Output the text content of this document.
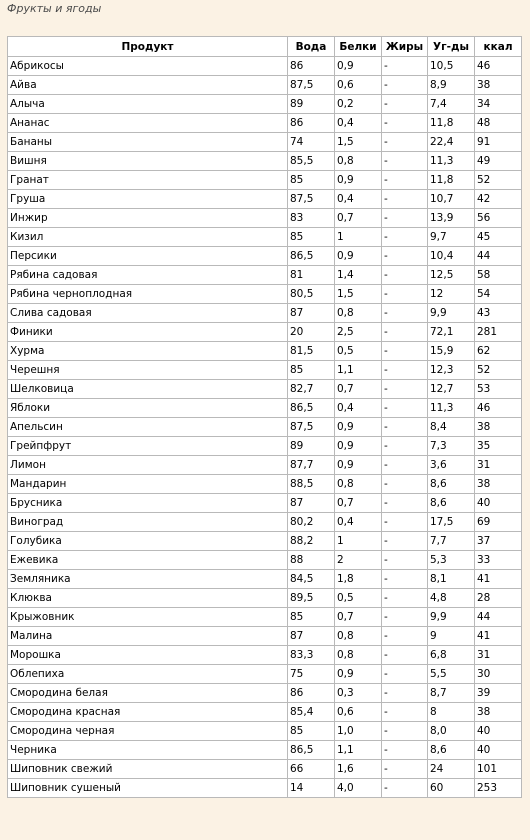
Фрукты и ягоды
Продукт	Вода	Белки	Жиры	Уг-ды	ккал
Абрикосы	86	0,9	-	10,5	46
Айва	87,5	0,6	-	8,9	38
Алыча	89	0,2	-	7,4	34
Ананас	86	0,4	-	11,8	48
Бананы	74	1,5	-	22,4	91
Вишня	85,5	0,8	-	11,3	49
Гранат	85	0,9	-	11,8	52
Груша	87,5	0,4	-	10,7	42
Инжир	83	0,7	-	13,9	56
Кизил	85	1	-	9,7	45
Персики	86,5	0,9	-	10,4	44
Рябина садовая	81	1,4	-	12,5	58
Рябина черноплодная	80,5	1,5	-	12	54
Слива садовая	87	0,8	-	9,9	43
Финики	20	2,5	-	72,1	281
Хурма	81,5	0,5	-	15,9	62
Черешня	85	1,1	-	12,3	52
Шелковица	82,7	0,7	-	12,7	53
Яблоки	86,5	0,4	-	11,3	46
Апельсин	87,5	0,9	-	8,4	38
Грейпфрут	89	0,9	-	7,3	35
Лимон	87,7	0,9	-	3,6	31
Мандарин	88,5	0,8	-	8,6	38
Брусника	87	0,7	-	8,6	40
Виноград	80,2	0,4	-	17,5	69
Голубика	88,2	1	-	7,7	37
Ежевика	88	2	-	5,3	33
Земляника	84,5	1,8	-	8,1	41
Клюква	89,5	0,5	-	4,8	28
Крыжовник	85	0,7	-	9,9	44
Малина	87	0,8	-	9	41
Морошка	83,3	0,8	-	6,8	31
Облепиха	75	0,9	-	5,5	30
Смородина белая	86	0,3	-	8,7	39
Смородина красная	85,4	0,6	-	8	38
Смородина черная	85	1,0	-	8,0	40
Черника	86,5	1,1	-	8,6	40
Шиповник свежий	66	1,6	-	24	101
Шиповник сушеный	14	4,0	-	60	253
